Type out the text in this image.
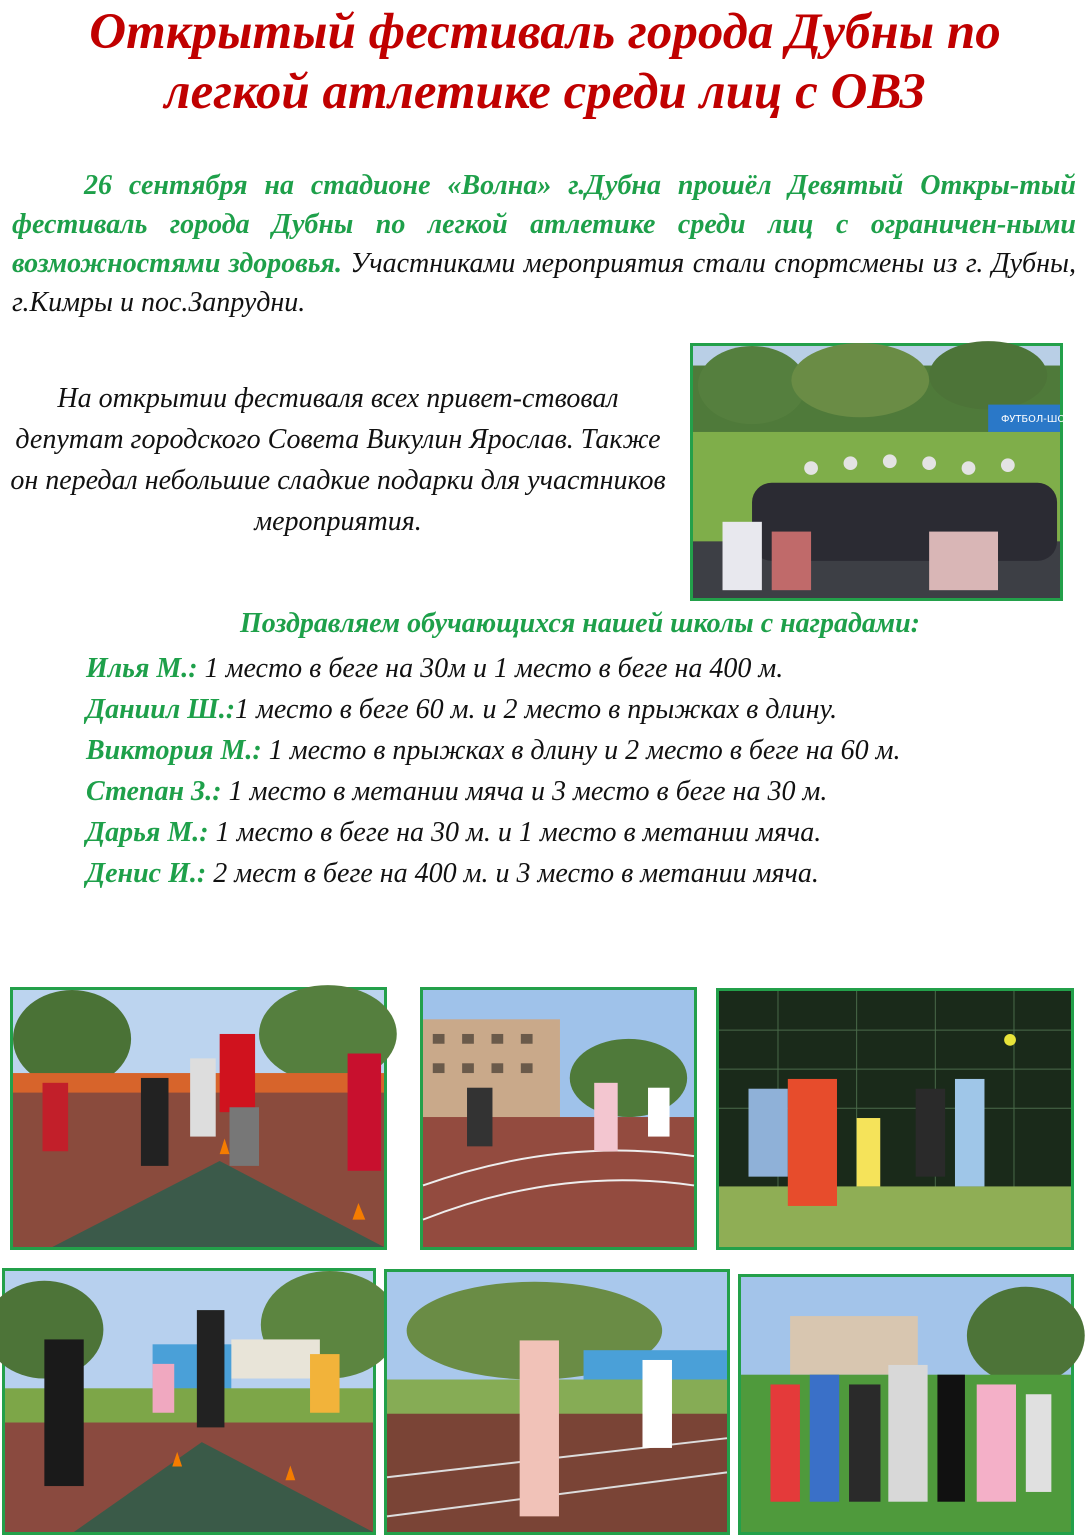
Открытый фестиваль города Дубны по
легкой атлетике среди лиц с ОВЗ
26 сентября на стадионе «Волна» г.Дубна прошёл Девятый Откры-тый фестиваль города Дубны по легкой атлетике среди лиц с ограничен-ными возможностями здоровья. Участниками мероприятия стали спортсмены из г. Дубны, г.Кимры и пос.Запрудни.
На открытии фестиваля всех привет-ствовал депутат городского Совета Викулин Ярослав. Также он передал небольшие сладкие подарки для участников мероприятия.
ФУТБОЛ-ШОУ
Поздравляем обучающихся нашей школы с наградами:
Илья М.: 1 место в беге на 30м и 1 место в беге на 400 м.
Даниил Ш.:1 место в беге 60 м. и 2 место в прыжках в длину.
Виктория М.: 1 место в прыжках в длину и 2 место в беге на 60 м.
Степан З.: 1 место в метании мяча и 3 место в беге на 30 м.
Дарья М.: 1 место в беге на 30 м. и 1 место в метании мяча.
Денис И.: 2 мест в беге на 400 м. и 3 место в метании мяча.
